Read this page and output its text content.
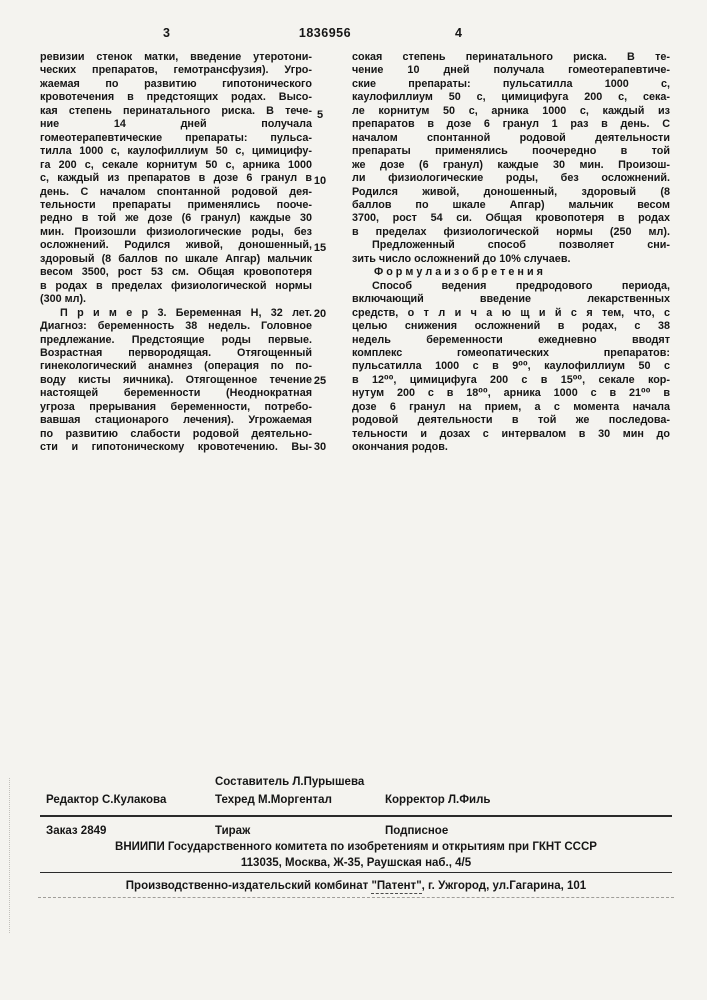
3	1836956	4
ревизии стенок матки, введение утеротони-
ческих препаратов, гемотрансфузия). Угро-
жаемая по развитию гипотонического
кровотечения в предстоящих родах. Высо-
кая степень перинатального риска. В тече-
ние 14 дней получала
гомеотерапевтические препараты: пульса-
тилла 1000 с, каулофиллиум 50 с, цимицифу-
га 200 с, секале корнитум 50 с, арника 1000
с, каждый из препаратов в дозе 6 гранул в
день. С началом спонтанной родовой дея-
тельности препараты применялись пооче-
редно в той же дозе (6 гранул) каждые 30
мин. Произошли физиологические роды, без
осложнений. Родился живой, доношенный,
здоровый (8 баллов по шкале Апгар) мальчик
весом 3500, рост 53 см. Общая кровопотеря
в родах в пределах физиологической нормы
(300 мл).
П р и м е р 3. Беременная Н, 32 лет.
Диагноз: беременность 38 недель. Головное
предлежание. Предстоящие роды первые.
Возрастная первородящая. Отягощенный
гинекологический анамнез (операция по по-
воду кисты яичника). Отягощенное течение
настоящей беременности (Неоднократная
угроза прерывания беременности, потребо-
вавшая стационарого лечения). Угрожаемая
по развитию слабости родовой деятельно-
сти и гипотоническому кровотечению. Вы-
5
10
15
20
25
30
сокая степень перинатального риска. В те-
чение 10 дней получала гомеотерапевтиче-
ские препараты: пульсатилла 1000 с,
каулофиллиум 50 с, цимицифуга 200 с, сека-
ле корнитум 50 с, арника 1000 с, каждый из
препаратов в дозе 6 гранул 1 раз в день. С
началом спонтанной родовой деятельности
препараты применялись поочередно в той
же дозе (6 гранул) каждые 30 мин. Произош-
ли физиологические роды, без осложнений.
Родился живой, доношенный, здоровый (8
баллов по шкале Апгар) мальчик весом
3700, рост 54 си. Общая кровопотеря в родах
в пределах физиологической нормы (250 мл).
Предложенный способ позволяет сни-
зить число осложнений до 10% случаев.
Ф о р м у л а и з о б р е т е н и я
Способ ведения предродового периода,
включающий введение лекарственных
средств, о т л и ч а ю щ и й с я тем, что, с
целью снижения осложнений в родах, с 38
недель беременности ежедневно вводят
комплекс гомеопатических препаратов:
пульсатилла 1000 с в 9⁰⁰, каулофиллиум 50 с
в 12⁰⁰, цимицифуга 200 с в 15⁰⁰, секале кор-
нутум 200 с в 18⁰⁰, арника 1000 с в 21⁰⁰ в
дозе 6 гранул на прием, а с момента начала
родовой деятельности в той же последова-
тельности и дозах с интервалом в 30 мин до
окончания родов.
Составитель Л.Пурышева
Редактор С.Кулакова	Техред М.Моргентал	Корректор Л.Филь
Заказ 2849	Тираж	Подписное
ВНИИПИ Государственного комитета по изобретениям и открытиям при ГКНТ СССР
113035, Москва, Ж-35, Раушская наб., 4/5
Производственно-издательский комбинат "Патент", г. Ужгород, ул.Гагарина, 101
